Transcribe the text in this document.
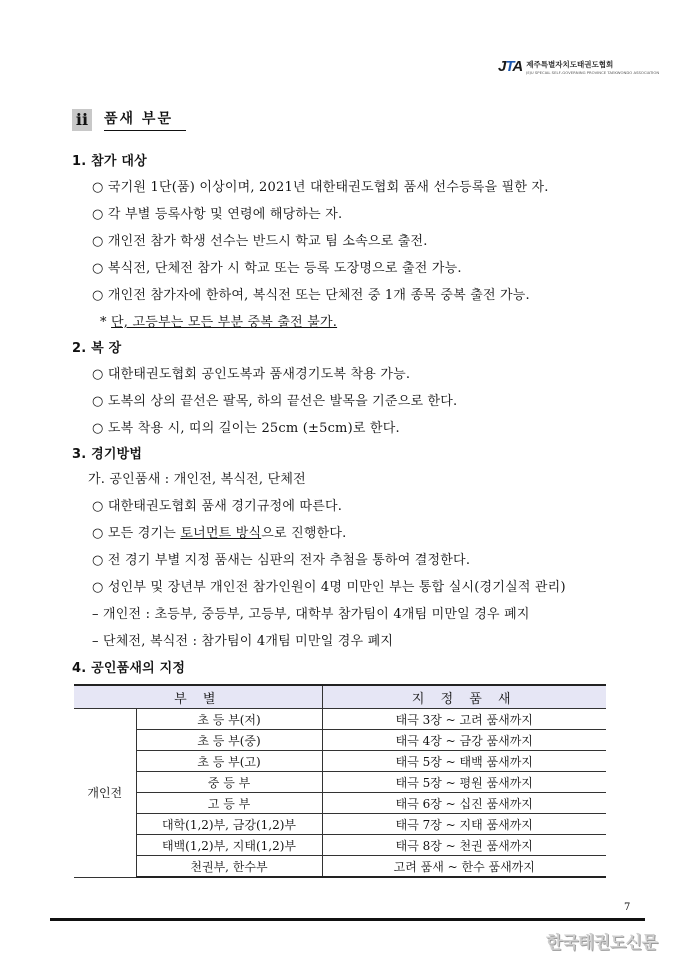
JTA 제주특별자치도태권도협회
JEJU SPECIAL SELF-GOVERNING PROVINCE TAEKWONDO ASSOCIATION
ii 품새 부문
1. 참가 대상
○ 국기원 1단(품) 이상이며, 2021년 대한태권도협회 품새 선수등록을 필한 자.
○ 각 부별 등록사항 및 연령에 해당하는 자.
○ 개인전 참가 학생 선수는 반드시 학교 팀 소속으로 출전.
○ 복식전, 단체전 참가 시 학교 또는 등록 도장명으로 출전 가능.
○ 개인전 참가자에 한하여, 복식전 또는 단체전 중 1개 종목 중복 출전 가능.
* 단, 고등부는 모든 부분 중복 출전 불가.
2. 복 장
○ 대한태권도협회 공인도복과 품새경기도복 착용 가능.
○ 도복의 상의 끝선은 팔목, 하의 끝선은 발목을 기준으로 한다.
○ 도복 착용 시, 띠의 길이는 25cm (±5cm)로 한다.
3. 경기방법
가. 공인품새 : 개인전, 복식전, 단체전
○ 대한태권도협회 품새 경기규정에 따른다.
○ 모든 경기는 토너먼트 방식으로 진행한다.
○ 전 경기 부별 지정 품새는 심판의 전자 추첨을 통하여 결정한다.
○ 성인부 및 장년부 개인전 참가인원이 4명 미만인 부는 통합 실시(경기실적 관리)
– 개인전 : 초등부, 중등부, 고등부, 대학부 참가팀이 4개팀 미만일 경우 폐지
– 단체전, 복식전 : 참가팀이 4개팀 미만일 경우 폐지
4. 공인품새의 지정
부 별		지 정 품 새
개인전	초 등 부(저)	태극 3장 ~ 고려 품새까지
	초 등 부(중)	태극 4장 ~ 금강 품새까지
	초 등 부(고)	태극 5장 ~ 태백 품새까지
	중 등 부	태극 5장 ~ 평원 품새까지
	고 등 부	태극 6장 ~ 십진 품새까지
	대학(1,2)부, 금강(1,2)부	태극 7장 ~ 지태 품새까지
	태백(1,2)부, 지태(1,2)부	태극 8장 ~ 천권 품새까지
	천권부, 한수부	고려 품새 ~ 한수 품새까지
7
한국태권도신문
